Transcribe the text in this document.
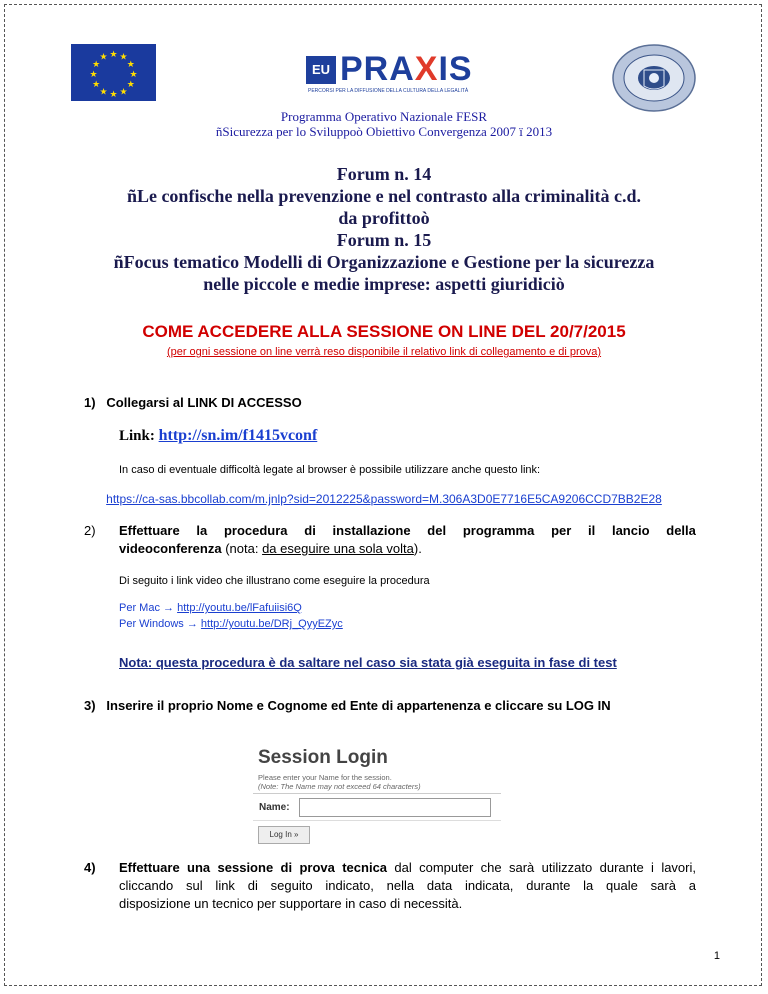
★ ★
★
★
★
★
★
★
★
★
★
★
EU PRAXIS
PERCORSI PER LA DIFFUSIONE DELLA CULTURA DELLA LEGALITÀ
Programma Operativo Nazionale FESR
ñSicurezza per lo Sviluppoò Obiettivo Convergenza 2007 ï 2013
Forum n. 14
ñLe confische nella prevenzione e nel contrasto alla criminalità c.d.
da profittoò
Forum n. 15
ñFocus tematico Modelli di Organizzazione e Gestione per la sicurezza
nelle piccole e medie imprese: aspetti giuridiciò
COME ACCEDERE ALLA SESSIONE ON LINE DEL 20/7/2015
(per ogni sessione on line verrà reso disponibile il relativo link di collegamento e di prova)
1) Collegarsi al LINK DI ACCESSO
Link: http://sn.im/f1415vconf
In caso di eventuale difficoltà legate al browser è possibile utilizzare anche questo link:
https://ca-sas.bbcollab.com/m.jnlp?sid=2012225&password=M.306A3D0E7716E5CA9206CCD7BB2E28
2)	Effettuare la procedura di installazione del programma per il lancio della
videoconferenza (nota: da eseguire una sola volta).
Di seguito i link video che illustrano come eseguire la procedura
Per Mac → http://youtu.be/lFafuiisi6Q
Per Windows → http://youtu.be/DRj_QyyEZyc
Nota: questa procedura è da saltare nel caso sia stata già eseguita in fase di test
3) Inserire il proprio Nome e Cognome ed Ente di appartenenza e cliccare su LOG IN
Session Login
Please enter your Name for the session.
(Note: The Name may not exceed 64 characters)
Name:
Log In »
4)	Effettuare una sessione di prova tecnica dal computer che sarà utilizzato durante i lavori,
cliccando sul link di seguito indicato, nella data indicata, durante la quale sarà a
disposizione un tecnico per supportare in caso di necessità.
1
